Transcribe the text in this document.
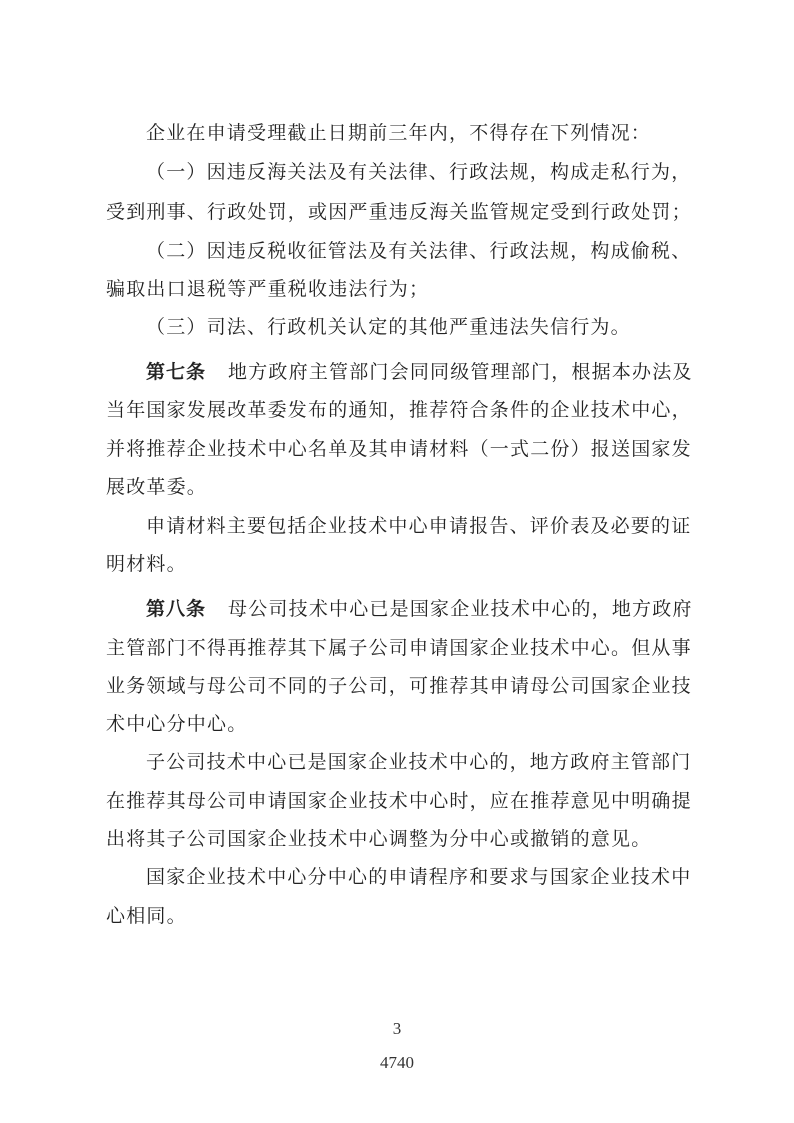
企业在申请受理截止日期前三年内，不得存在下列情况：
（一）因违反海关法及有关法律、行政法规，构成走私行为，
受到刑事、行政处罚，或因严重违反海关监管规定受到行政处罚；
（二）因违反税收征管法及有关法律、行政法规，构成偷税、
骗取出口退税等严重税收违法行为；
（三）司法、行政机关认定的其他严重违法失信行为。
第七条 地方政府主管部门会同同级管理部门，根据本办法及
当年国家发展改革委发布的通知，推荐符合条件的企业技术中心，
并将推荐企业技术中心名单及其申请材料（一式二份）报送国家发
展改革委。
申请材料主要包括企业技术中心申请报告、评价表及必要的证
明材料。
第八条 母公司技术中心已是国家企业技术中心的，地方政府
主管部门不得再推荐其下属子公司申请国家企业技术中心。但从事
业务领域与母公司不同的子公司，可推荐其申请母公司国家企业技
术中心分中心。
子公司技术中心已是国家企业技术中心的，地方政府主管部门
在推荐其母公司申请国家企业技术中心时，应在推荐意见中明确提
出将其子公司国家企业技术中心调整为分中心或撤销的意见。
国家企业技术中心分中心的申请程序和要求与国家企业技术中
心相同。
3
4740
